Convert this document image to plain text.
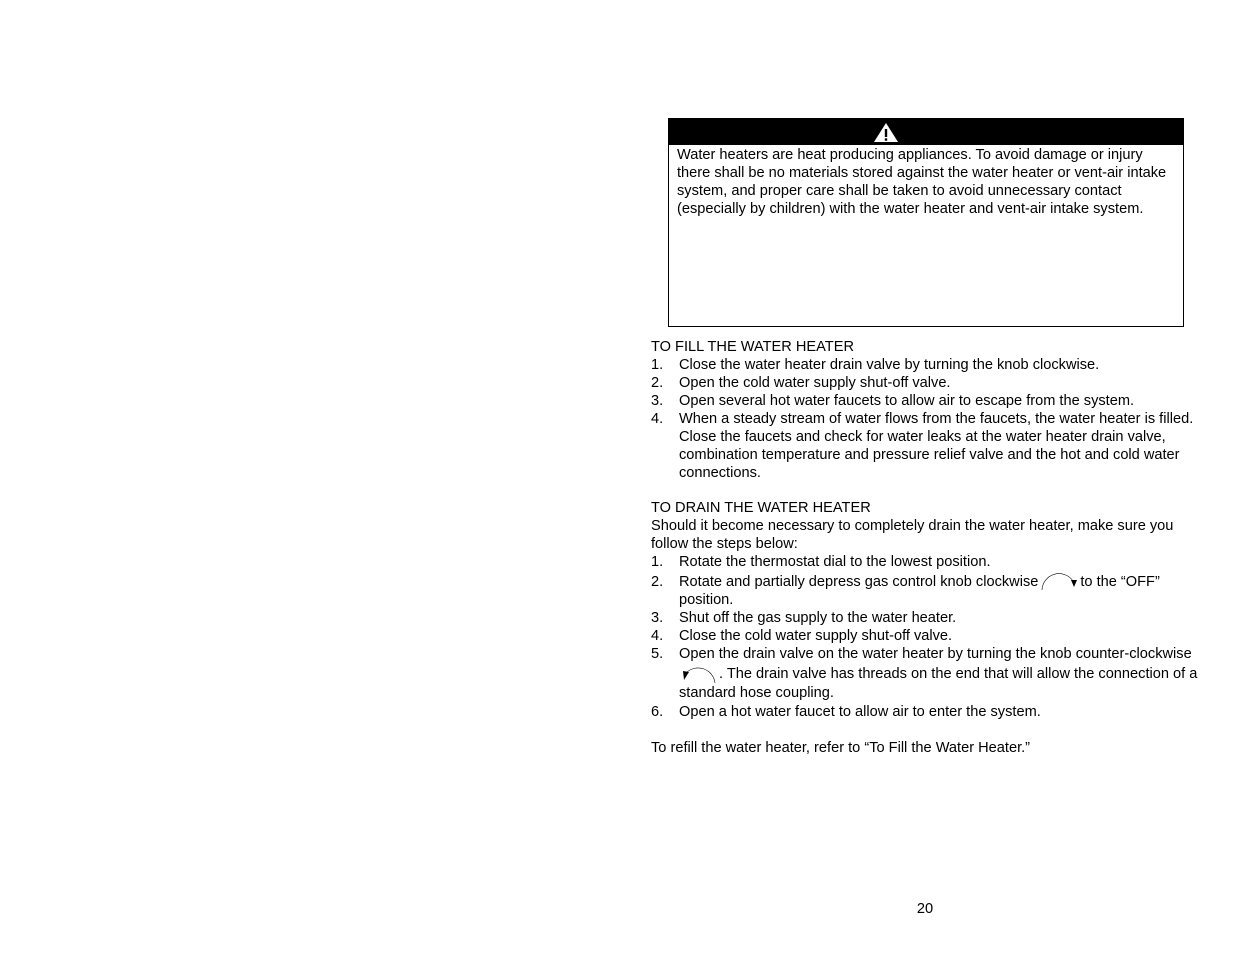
Water heaters are heat producing appliances. To avoid damage or injury there shall be no materials stored against the water heater or vent-air intake system, and proper care shall be taken to avoid unnecessary contact (especially by children) with the water heater and vent-air intake system.

TO FILL THE WATER HEATER
1. Close the water heater drain valve by turning the knob clockwise.
2. Open the cold water supply shut-off valve.
3. Open several hot water faucets to allow air to escape from the system.
4. When a steady stream of water flows from the faucets, the water heater is filled. Close the faucets and check for water leaks at the water heater drain valve, combination temperature and pressure relief valve and the hot and cold water connections.
TO DRAIN THE WATER HEATER

Should it become necessary to completely drain the water heater, make sure you follow the steps below:

1. Rotate the thermostat dial to the lowest position.
2. Rotate and partially depress gas control knob clockwise	to the “OFF” position.
3. Shut off the gas supply to the water heater.
4. Close the cold water supply shut-off valve.
5. Open the drain valve on the water heater by turning the knob counter-clockwise. The drain valve has threads on the end that will allow the connection of a standard hose coupling.
6. Open a hot water faucet to allow air to enter the system.

To refill the water heater, refer to “To Fill the Water Heater.”

20
